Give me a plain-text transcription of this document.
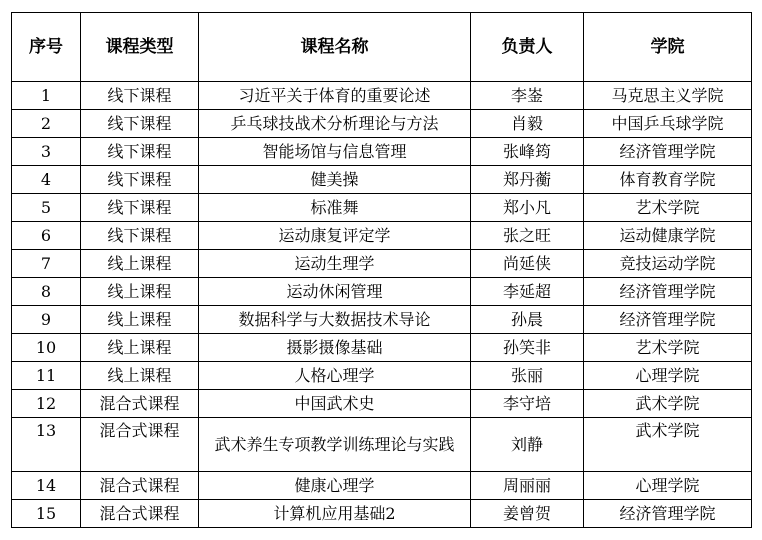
序号	课程类型	课程名称	负责人	学院
1	线下课程	习近平关于体育的重要论述	李崟	马克思主义学院
2	线下课程	乒乓球技战术分析理论与方法	肖毅	中国乒乓球学院
3	线下课程	智能场馆与信息管理	张峰筠	经济管理学院
4	线下课程	健美操	郑丹蘅	体育教育学院
5	线下课程	标准舞	郑小凡	艺术学院
6	线下课程	运动康复评定学	张之旺	运动健康学院
7	线上课程	运动生理学	尚延侠	竞技运动学院
8	线上课程	运动休闲管理	李延超	经济管理学院
9	线上课程	数据科学与大数据技术导论	孙晨	经济管理学院
10	线上课程	摄影摄像基础	孙笑非	艺术学院
11	线上课程	人格心理学	张丽	心理学院
12	混合式课程	中国武术史	李守培	武术学院
13	混合式课程	武术养生专项教学训练理论与实践	刘静	武术学院
14	混合式课程	健康心理学	周丽丽	心理学院
15	混合式课程	计算机应用基础2	姜曾贺	经济管理学院
